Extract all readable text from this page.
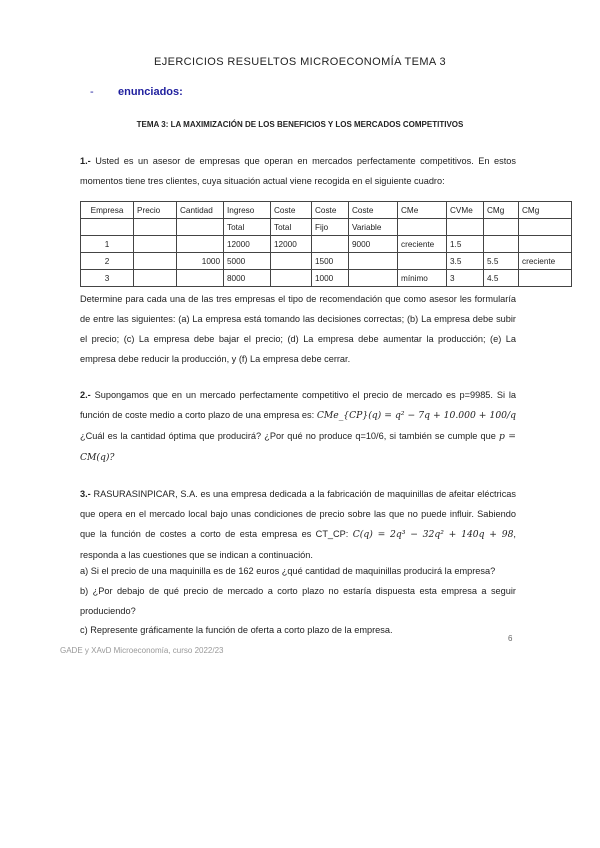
EJERCICIOS RESUELTOS MICROECONOMÍA TEMA 3
- enunciados:
TEMA 3: LA MAXIMIZACIÓN DE LOS BENEFICIOS Y LOS MERCADOS COMPETITIVOS
1.- Usted es un asesor de empresas que operan en mercados perfectamente competitivos. En estos momentos tiene tres clientes, cuya situación actual viene recogida en el siguiente cuadro:
Empresa	Precio	Cantidad	Ingreso	Coste	Coste	Coste	CMe	CVMe	CMg	CMg
			Total	Total	Fijo	Variable				
1			12000	12000		9000	creciente	1.5		
2		1000	5000		1500			3.5	5.5	creciente
3			8000		1000		mínimo	3	4.5	
Determine para cada una de las tres empresas el tipo de recomendación que como asesor les formularía de entre las siguientes: (a) La empresa está tomando las decisiones correctas; (b) La empresa debe subir el precio; (c) La empresa debe bajar el precio; (d) La empresa debe aumentar la producción; (e) La empresa debe reducir la producción, y (f) La empresa debe cerrar.
2.- Supongamos que en un mercado perfectamente competitivo el precio de mercado es p=9985. Si la función de coste medio a corto plazo de una empresa es: CMe_{CP}(q) = q² − 7q + 10.000 + 100/q ¿Cuál es la cantidad óptima que producirá? ¿Por qué no produce q=10/6, si también se cumple que p = CM(q)?
3.- RASURASINPICAR, S.A. es una empresa dedicada a la fabricación de maquinillas de afeitar eléctricas que opera en el mercado local bajo unas condiciones de precio sobre las que no puede influir. Sabiendo que la función de costes a corto de esta empresa es CT_CP: C(q) = 2q³ − 32q² + 140q + 98, responda a las cuestiones que se indican a continuación.
a) Si el precio de una maquinilla es de 162 euros ¿qué cantidad de maquinillas producirá la empresa?
b) ¿Por debajo de qué precio de mercado a corto plazo no estaría dispuesta esta empresa a seguir produciendo?
c) Represente gráficamente la función de oferta a corto plazo de la empresa.
6
GADE y XAvD Microeconomía, curso 2022/23
